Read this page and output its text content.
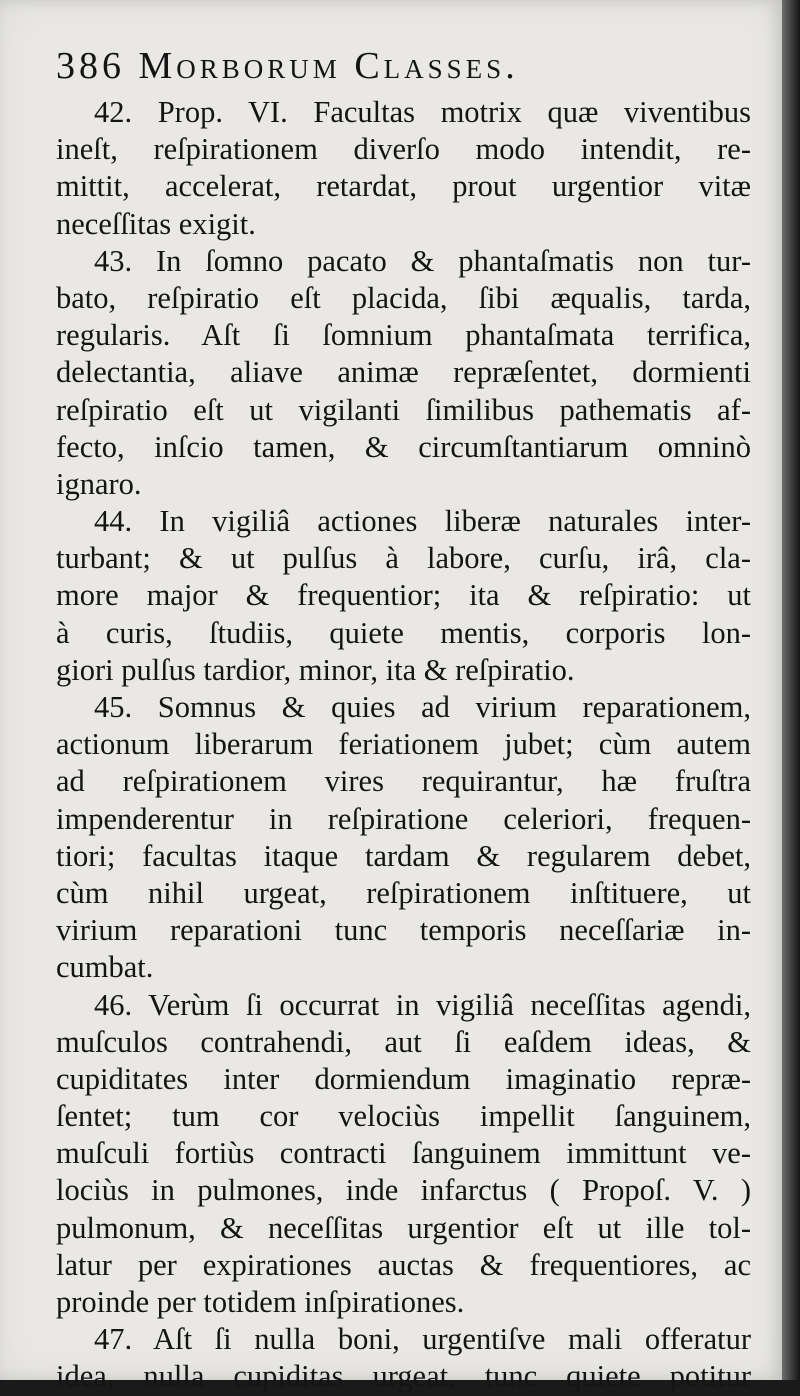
386 Morborum Classes.
42. Prop. VI. Facultas motrix quæ viventibus
ineſt, reſpirationem diverſo modo intendit, re-
mittit, accelerat, retardat, prout urgentior vitæ
neceſſitas exigit.
43. In ſomno pacato & phantaſmatis non tur-
bato, reſpiratio eſt placida, ſibi æqualis, tarda,
regularis. Aſt ſi ſomnium phantaſmata terrifica,
delectantia, aliave animæ repræſentet, dormienti
reſpiratio eſt ut vigilanti ſimilibus pathematis af-
fecto, inſcio tamen, & circumſtantiarum omninò
ignaro.
44. In vigiliâ actiones liberæ naturales inter-
turbant; & ut pulſus à labore, curſu, irâ, cla-
more major & frequentior; ita & reſpiratio: ut
à curis, ſtudiis, quiete mentis, corporis lon-
giori pulſus tardior, minor, ita & reſpiratio.
45. Somnus & quies ad virium reparationem,
actionum liberarum feriationem jubet; cùm autem
ad reſpirationem vires requirantur, hæ fruſtra
impenderentur in reſpiratione celeriori, frequen-
tiori; facultas itaque tardam & regularem debet,
cùm nihil urgeat, reſpirationem inſtituere, ut
virium reparationi tunc temporis neceſſariæ in-
cumbat.
46. Verùm ſi occurrat in vigiliâ neceſſitas agendi,
muſculos contrahendi, aut ſi eaſdem ideas, &
cupiditates inter dormiendum imaginatio repræ-
ſentet; tum cor velociùs impellit ſanguinem,
muſculi fortiùs contracti ſanguinem immittunt ve-
lociùs in pulmones, inde infarctus ( Propoſ. V. )
pulmonum, & neceſſitas urgentior eſt ut ille tol-
latur per expirationes auctas & frequentiores, ac
proinde per totidem inſpirationes.
47. Aſt ſi nulla boni, urgentiſve mali offeratur
idea, nulla cupiditas urgeat, tunc quiete potitur
